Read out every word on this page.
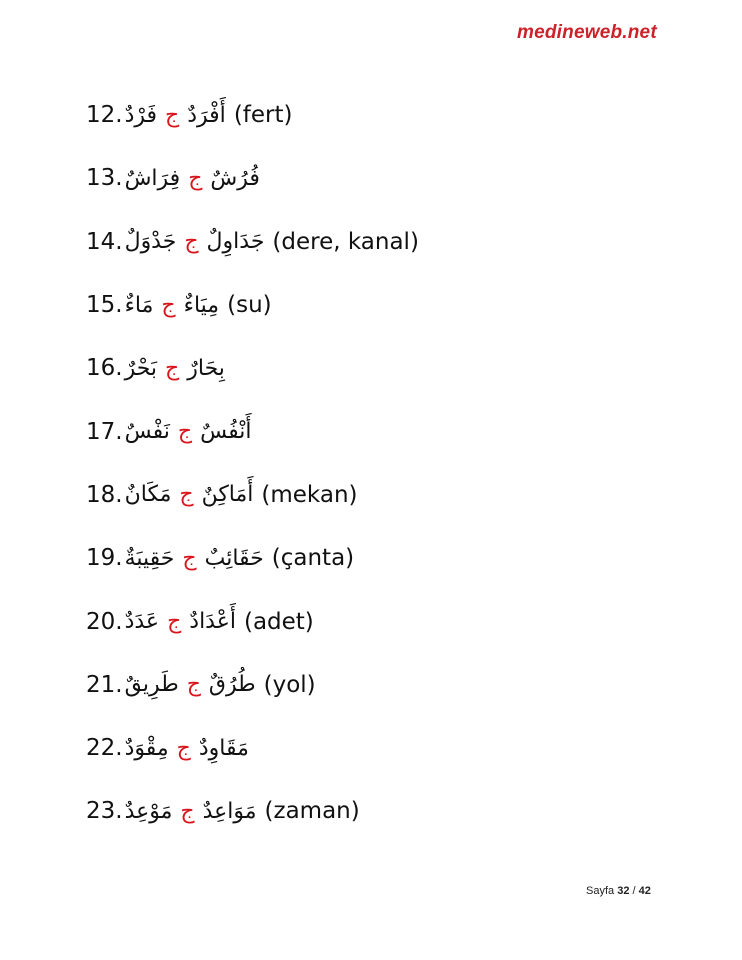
medineweb.net
12. فَرْدٌ ج أَفْرَدٌ (fert)
13. فِرَاشٌ ج فُرُشٌ
14. جَدْوَلٌ ج جَدَاوِلٌ (dere, kanal)
15. مَاءٌ ج مِيَاءٌ (su)
16. بَحْرٌ ج بِحَارٌ
17. نَفْسٌ ج أَنْفُسٌ
18. مَكَانٌ ج أَمَاكِنٌ (mekan)
19. حَقِيبَةٌ ج حَقَائِبٌ (çanta)
20. عَدَدٌ ج أَعْدَادٌ (adet)
21. طَرِيقٌ ج طُرُقٌ (yol)
22. مِقْوَدٌ ج مَقَاوِدٌ
23. مَوْعِدٌ ج مَوَاعِدٌ (zaman)
Sayfa 32 / 42
